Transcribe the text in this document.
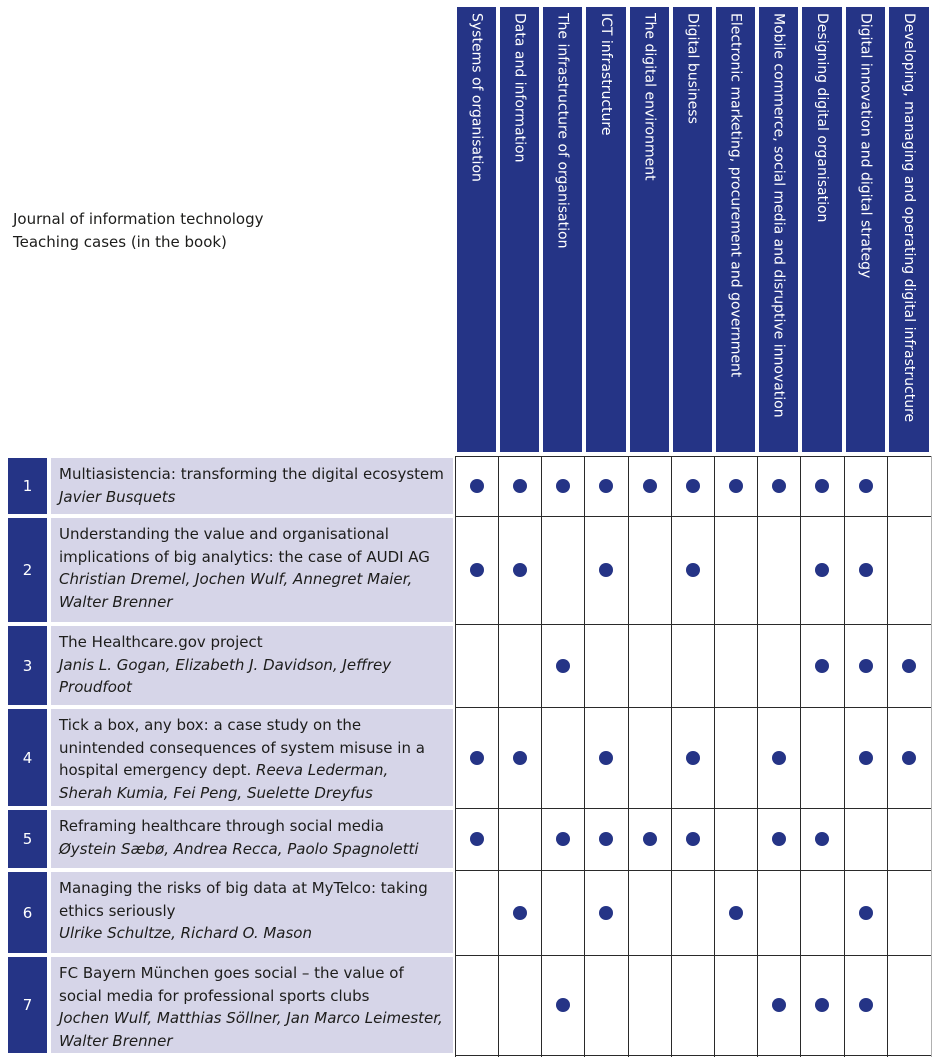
Journal of information technology
Teaching cases (in the book)
Systems of organisation Data and information The infrastructure of organisation ICT infrastructure The digital environment Digital business Electronic marketing, procurement and government Mobile commerce, social media and disruptive innovation Designing digital organisation Digital innovation and digital strategy Developing, managing and operating digital infrastructure
1
Multiasistencia: transforming the digital ecosystem
Javier Busquets
2
Understanding the value and organisational implications of big analytics: the case of AUDI AG
Christian Dremel, Jochen Wulf, Annegret Maier, Walter Brenner
3
The Healthcare.gov project
Janis L. Gogan, Elizabeth J. Davidson, Jeffrey Proudfoot
4
Tick a box, any box: a case study on the unintended consequences of system misuse in a hospital emergency dept. Reeva Lederman, Sherah Kumia, Fei Peng, Suelette Dreyfus
5
Reframing healthcare through social media
Øystein Sæbø, Andrea Recca, Paolo Spagnoletti
6
Managing the risks of big data at MyTelco: taking ethics seriously
Ulrike Schultze, Richard O. Mason
7
FC Bayern München goes social – the value of social media for professional sports clubs
Jochen Wulf, Matthias Söllner, Jan Marco Leimester, Walter Brenner
